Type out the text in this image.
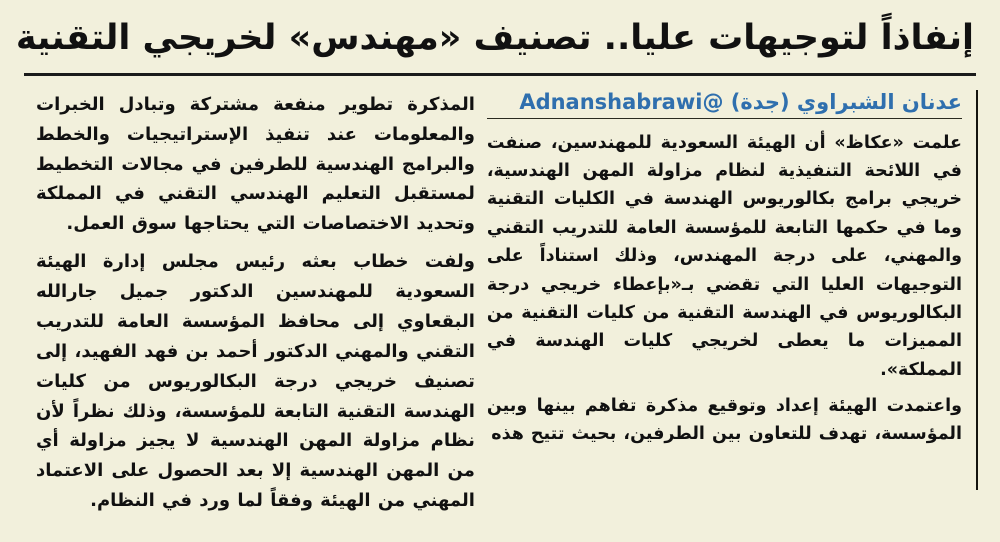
إنفاذاً لتوجيهات عليا.. تصنيف «مهندس» لخريجي التقنية
عدنان الشبراوي (جدة) @Adnanshabrawi

علمت «عكاظ» أن الهيئة السعودية للمهندسين، صنفت في اللائحة التنفيذية لنظام مزاولة المهن الهندسية، خريجي برامج بكالوريوس الهندسة في الكليات التقنية وما في حكمها التابعة للمؤسسة العامة للتدريب التقني والمهني، على درجة المهندس، وذلك استناداً على التوجيهات العليا التي تقضي بـ«بإعطاء خريجي درجة البكالوريوس في الهندسة التقنية من كليات التقنية من المميزات ما يعطى لخريجي كليات الهندسة في المملكة».

واعتمدت الهيئة إعداد وتوقيع مذكرة تفاهم بينها وبين المؤسسة، تهدف للتعاون بين الطرفين، بحيث تتيح هذه

المذكرة تطوير منفعة مشتركة وتبادل الخبرات والمعلومات عند تنفيذ الإستراتيجيات والخطط والبرامج الهندسية للطرفين في مجالات التخطيط لمستقبل التعليم الهندسي التقني في المملكة وتحديد الاختصاصات التي يحتاجها سوق العمل.

ولفت خطاب بعثه رئيس مجلس إدارة الهيئة السعودية للمهندسين الدكتور جميل جارالله البقعاوي إلى محافظ المؤسسة العامة للتدريب التقني والمهني الدكتور أحمد بن فهد الفهيد، إلى تصنيف خريجي درجة البكالوريوس من كليات الهندسة التقنية التابعة للمؤسسة، وذلك نظراً لأن نظام مزاولة المهن الهندسية لا يجيز مزاولة أي من المهن الهندسية إلا بعد الحصول على الاعتماد المهني من الهيئة وفقاً لما ورد في النظام.
